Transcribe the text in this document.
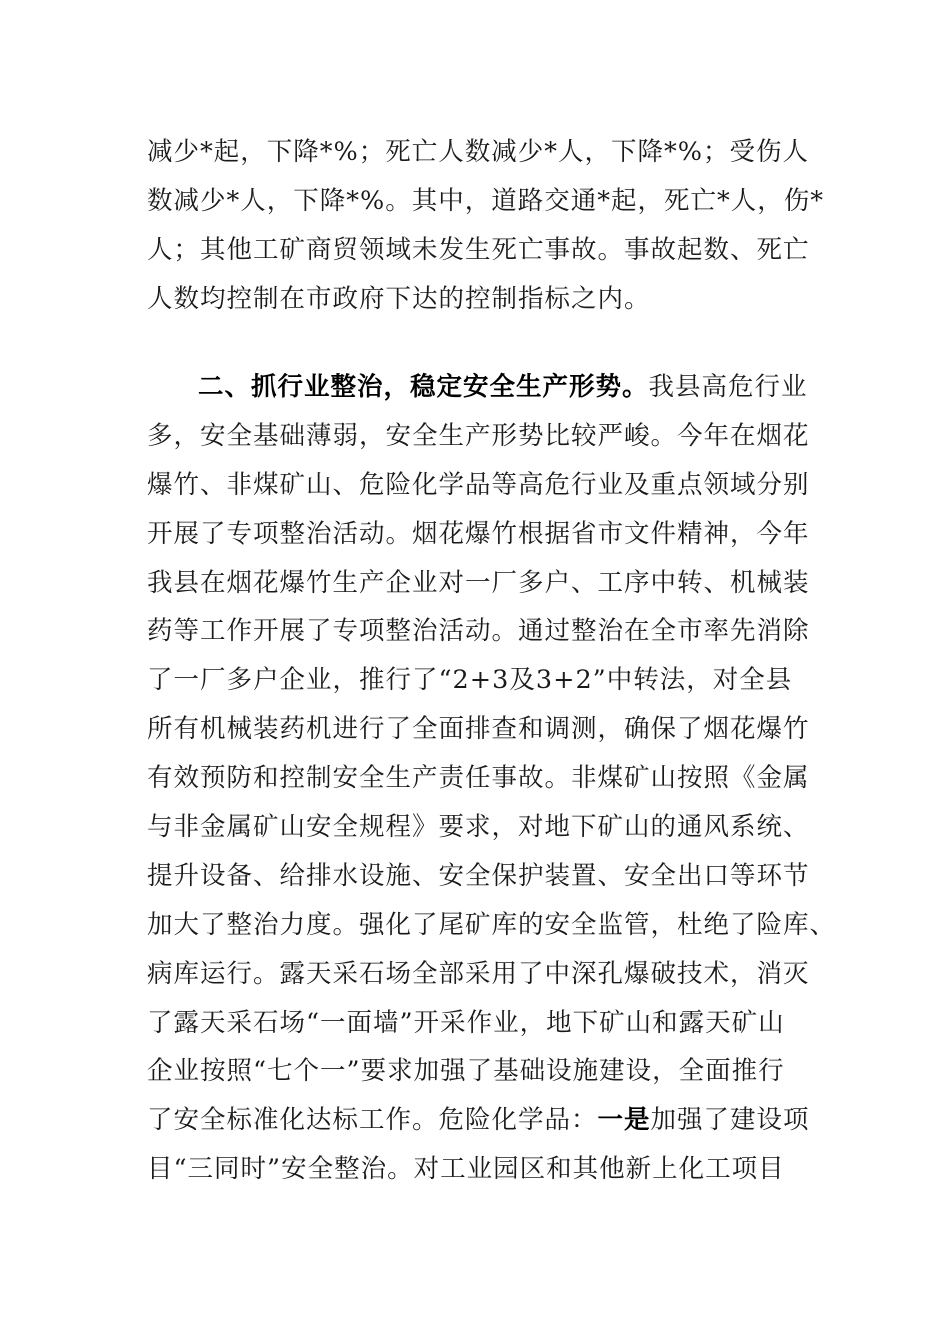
减少*起，下降*%；死亡人数减少*人，下降*%；受伤人
数减少*人，下降*%。其中，道路交通*起，死亡*人，伤*
人；其他工矿商贸领域未发生死亡事故。事故起数、死亡
人数均控制在市政府下达的控制指标之内。
二、抓行业整治，稳定安全生产形势。我县高危行业
多，安全基础薄弱，安全生产形势比较严峻。今年在烟花
爆竹、非煤矿山、危险化学品等高危行业及重点领域分别
开展了专项整治活动。烟花爆竹根据省市文件精神，今年
我县在烟花爆竹生产企业对一厂多户、工序中转、机械装
药等工作开展了专项整治活动。通过整治在全市率先消除
了一厂多户企业，推行了“2+3及3+2”中转法，对全县
所有机械装药机进行了全面排查和调测，确保了烟花爆竹
有效预防和控制安全生产责任事故。非煤矿山按照《金属
与非金属矿山安全规程》要求，对地下矿山的通风系统、
提升设备、给排水设施、安全保护装置、安全出口等环节
加大了整治力度。强化了尾矿库的安全监管，杜绝了险库、
病库运行。露天采石场全部采用了中深孔爆破技术，消灭
了露天采石场“一面墙”开采作业，地下矿山和露天矿山
企业按照“七个一”要求加强了基础设施建设，全面推行
了安全标准化达标工作。危险化学品：一是加强了建设项
目“三同时”安全整治。对工业园区和其他新上化工项目
